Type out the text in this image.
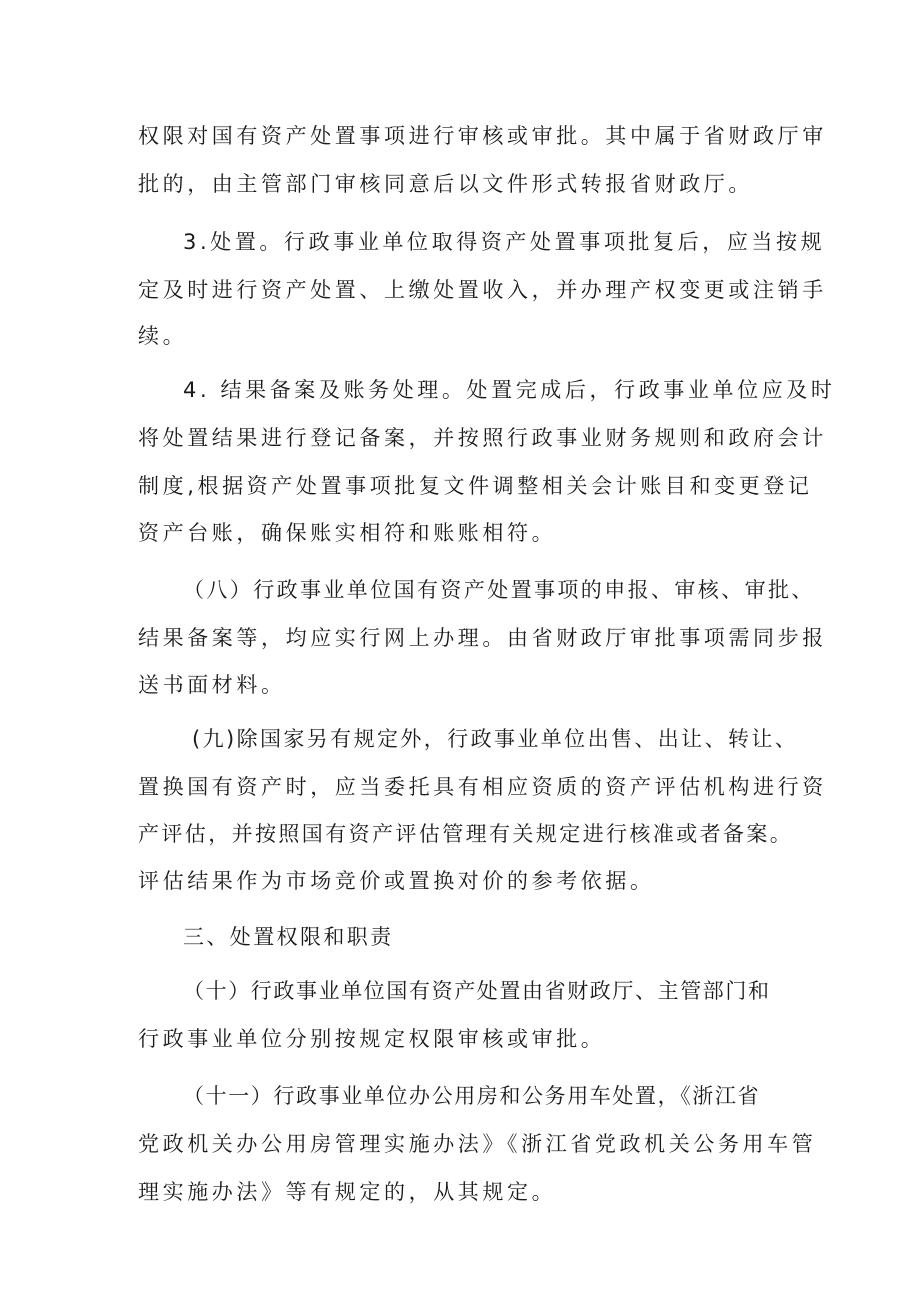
权限对国有资产处置事项进行审核或审批。其中属于省财政厅审
批的，由主管部门审核同意后以文件形式转报省财政厅。
3.处置。行政事业单位取得资产处置事项批复后，应当按规
定及时进行资产处置、上缴处置收入，并办理产权变更或注销手
续。
4. 结果备案及账务处理。处置完成后，行政事业单位应及时
将处置结果进行登记备案，并按照行政事业财务规则和政府会计
制度,根据资产处置事项批复文件调整相关会计账目和变更登记
资产台账，确保账实相符和账账相符。
（八）行政事业单位国有资产处置事项的申报、审核、审批、
结果备案等，均应实行网上办理。由省财政厅审批事项需同步报
送书面材料。
(九)除国家另有规定外，行政事业单位出售、出让、转让、
置换国有资产时，应当委托具有相应资质的资产评估机构进行资
产评估，并按照国有资产评估管理有关规定进行核准或者备案。
评估结果作为市场竞价或置换对价的参考依据。
三、处置权限和职责
（十）行政事业单位国有资产处置由省财政厅、主管部门和
行政事业单位分别按规定权限审核或审批。
（十一）行政事业单位办公用房和公务用车处置，《浙江省
党政机关办公用房管理实施办法》《浙江省党政机关公务用车管
理实施办法》等有规定的，从其规定。
